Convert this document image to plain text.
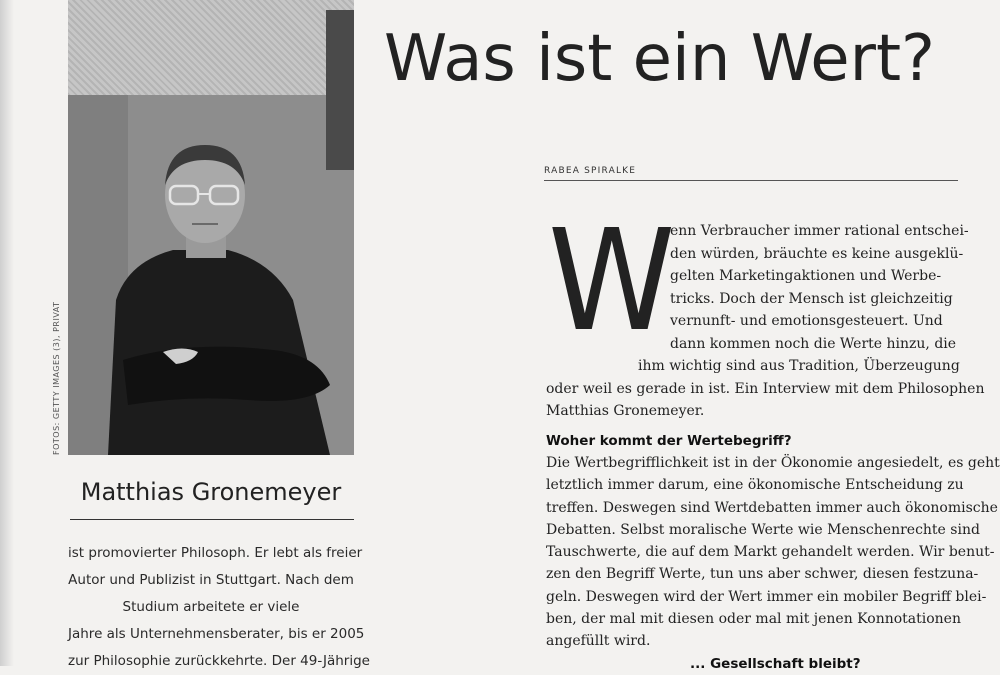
FOTOS: GETTY IMAGES (3), PRIVAT
Matthias Gronemeyer
ist promovierter Philosoph. Er lebt als freier
Autor und Publizist in Stuttgart. Nach dem
Studium arbeitete er viele
Jahre als Unternehmensberater, bis er 2005
zur Philosophie zurückkehrte. Der 49-Jährige
Was ist ein Wert?
RABEA SPIRALKE
W
enn Verbraucher immer rational entschei-
den würden, bräuchte es keine ausgeklü-
gelten Marketingaktionen und Werbe-
tricks. Doch der Mensch ist gleichzeitig
vernunft- und emotionsgesteuert. Und
dann kommen noch die Werte hinzu, die
ihm wichtig sind aus Tradition, Überzeugung
oder weil es gerade in ist. Ein Interview mit dem Philosophen
Matthias Gronemeyer.
Woher kommt der Wertebegriff?
Die Wertbegrifflichkeit ist in der Ökonomie angesiedelt, es geht
letztlich immer darum, eine ökonomische Entscheidung zu
treffen. Deswegen sind Wertdebatten immer auch ökonomische
Debatten. Selbst moralische Werte wie Menschenrechte sind
Tauschwerte, die auf dem Markt gehandelt werden. Wir benut-
zen den Begriff Werte, tun uns aber schwer, diesen festzuna-
geln. Deswegen wird der Wert immer ein mobiler Begriff blei-
ben, der mal mit diesen oder mal mit jenen Konnotationen
angefüllt wird.
... Gesellschaft bleibt?
